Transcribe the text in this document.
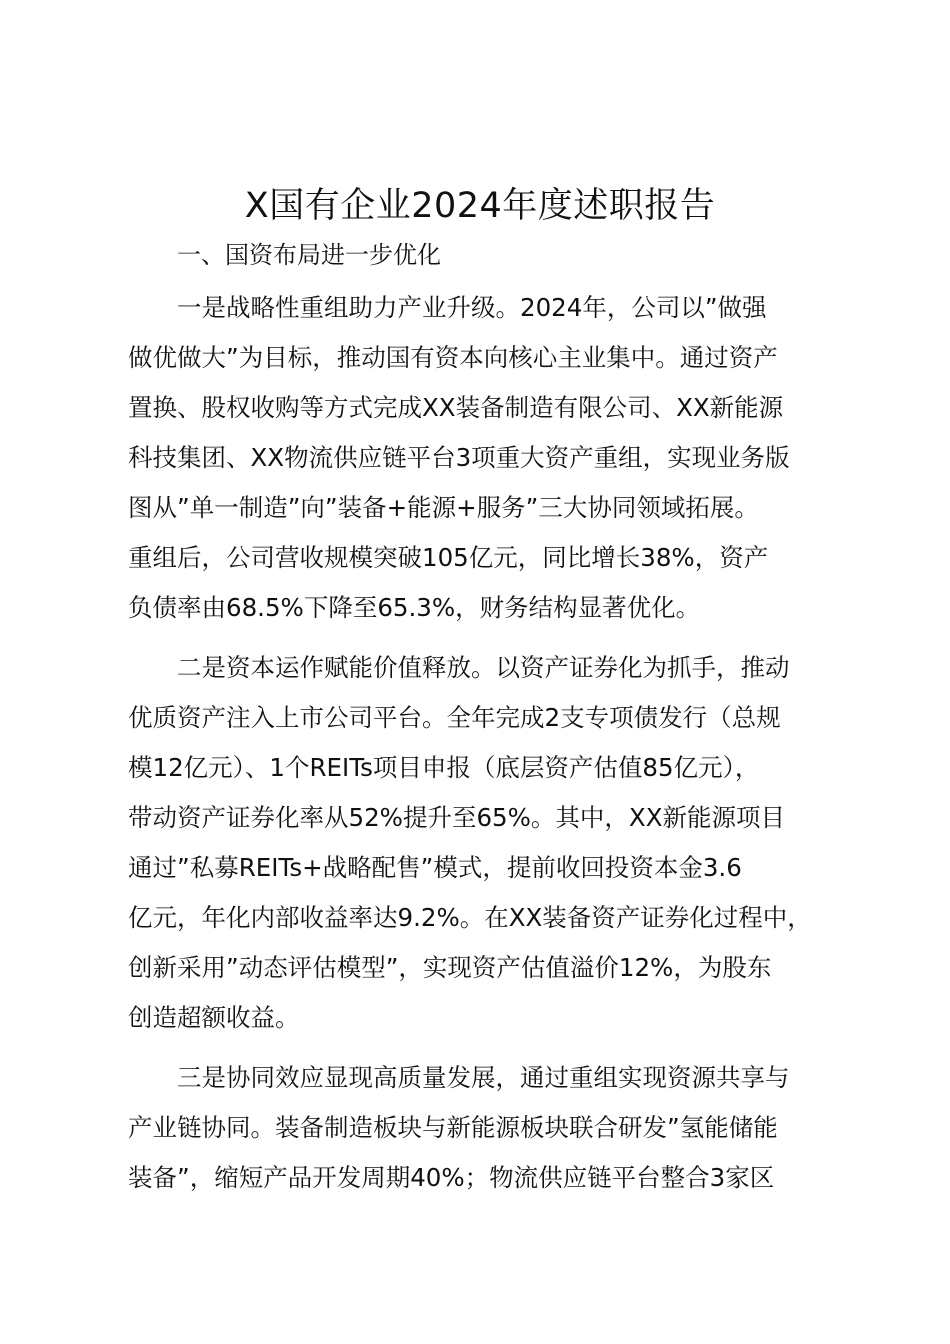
X国有企业2024年度述职报告
一、国资布局进一步优化
一是战略性重组助力产业升级。2024年，公司以”做强
做优做大”为目标，推动国有资本向核心主业集中。通过资产
置换、股权收购等方式完成XX装备制造有限公司、XX新能源
科技集团、XX物流供应链平台3项重大资产重组，实现业务版
图从”单一制造”向”装备+能源+服务”三大协同领域拓展。
重组后，公司营收规模突破105亿元，同比增长38%，资产
负债率由68.5%下降至65.3%，财务结构显著优化。
二是资本运作赋能价值释放。以资产证券化为抓手，推动
优质资产注入上市公司平台。全年完成2支专项债发行（总规
模12亿元）、1个REITs项目申报（底层资产估值85亿元），
带动资产证券化率从52%提升至65%。其中，XX新能源项目
通过”私募REITs+战略配售”模式，提前收回投资本金3.6
亿元，年化内部收益率达9.2%。在XX装备资产证券化过程中，
创新采用”动态评估模型”，实现资产估值溢价12%，为股东
创造超额收益。
三是协同效应显现高质量发展，通过重组实现资源共享与
产业链协同。装备制造板块与新能源板块联合研发”氢能储能
装备”，缩短产品开发周期40%；物流供应链平台整合3家区
